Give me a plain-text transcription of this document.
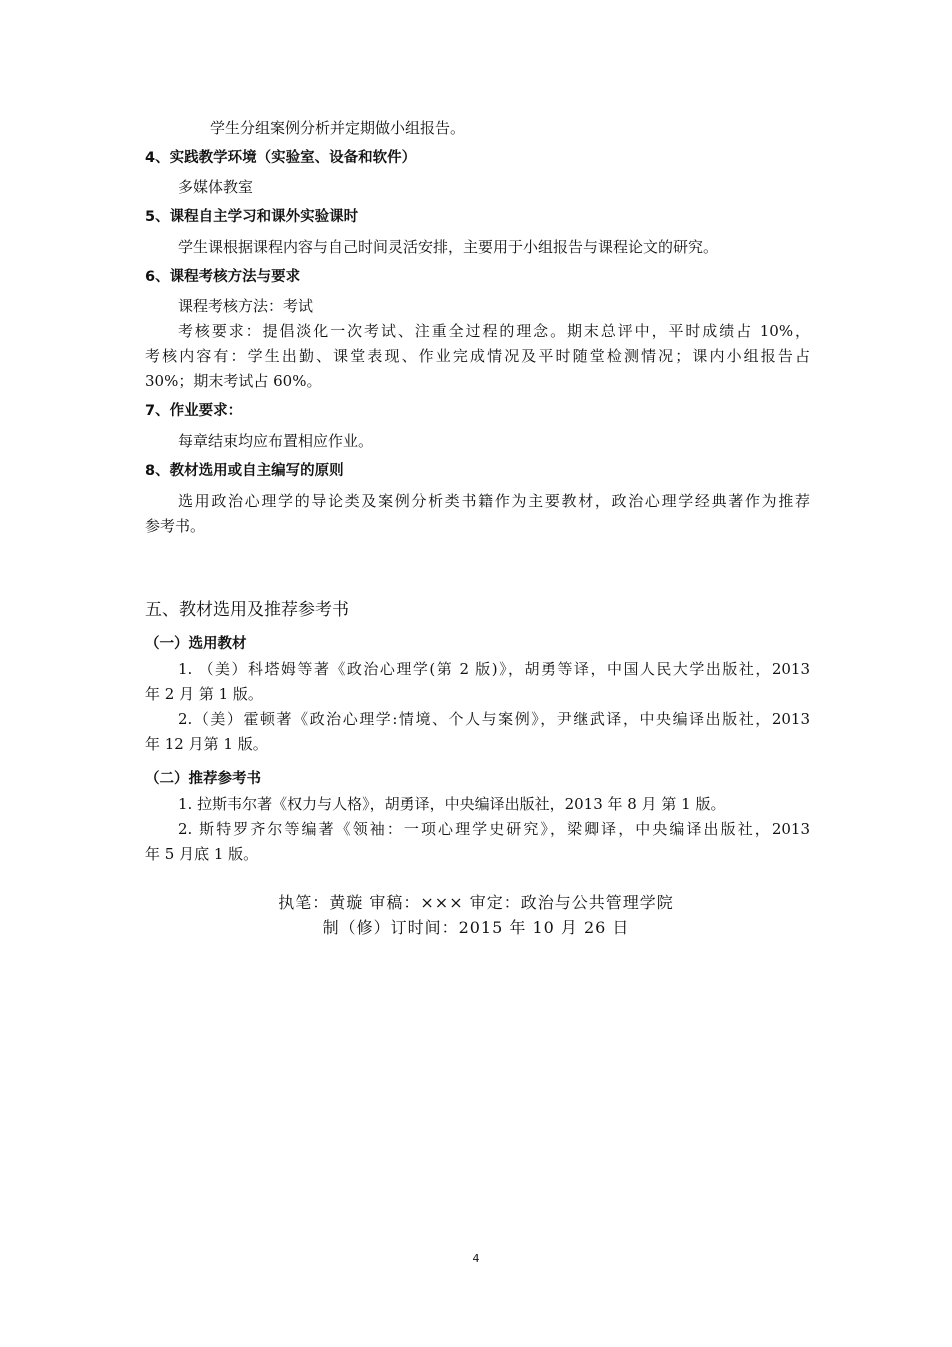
学生分组案例分析并定期做小组报告。
4、实践教学环境（实验室、设备和软件）
多媒体教室
5、课程自主学习和课外实验课时
学生课根据课程内容与自己时间灵活安排，主要用于小组报告与课程论文的研究。
6、课程考核方法与要求
课程考核方法：考试
考核要求：提倡淡化一次考试、注重全过程的理念。期末总评中，平时成绩占 10%，
考核内容有：学生出勤、课堂表现、作业完成情况及平时随堂检测情况；课内小组报告占
30%；期末考试占 60%。
7、作业要求：
每章结束均应布置相应作业。
8、教材选用或自主编写的原则
选用政治心理学的导论类及案例分析类书籍作为主要教材，政治心理学经典著作为推荐
参考书。
五、教材选用及推荐参考书
（一）选用教材
1. （美）科塔姆等著《政治心理学(第 2 版)》，胡勇等译，中国人民大学出版社，2013
年 2 月 第 1 版。
2.（美）霍顿著《政治心理学:情境、个人与案例》，尹继武译，中央编译出版社，2013
年 12 月第 1 版。
（二）推荐参考书
1. 拉斯韦尔著《权力与人格》，胡勇译，中央编译出版社，2013 年 8 月 第 1 版。
2. 斯特罗齐尔等编著《领袖：一项心理学史研究》，梁卿译，中央编译出版社，2013
年 5 月底 1 版。
执笔：黄璇 审稿：××× 审定：政治与公共管理学院
制（修）订时间：2015 年 10 月 26 日
4
